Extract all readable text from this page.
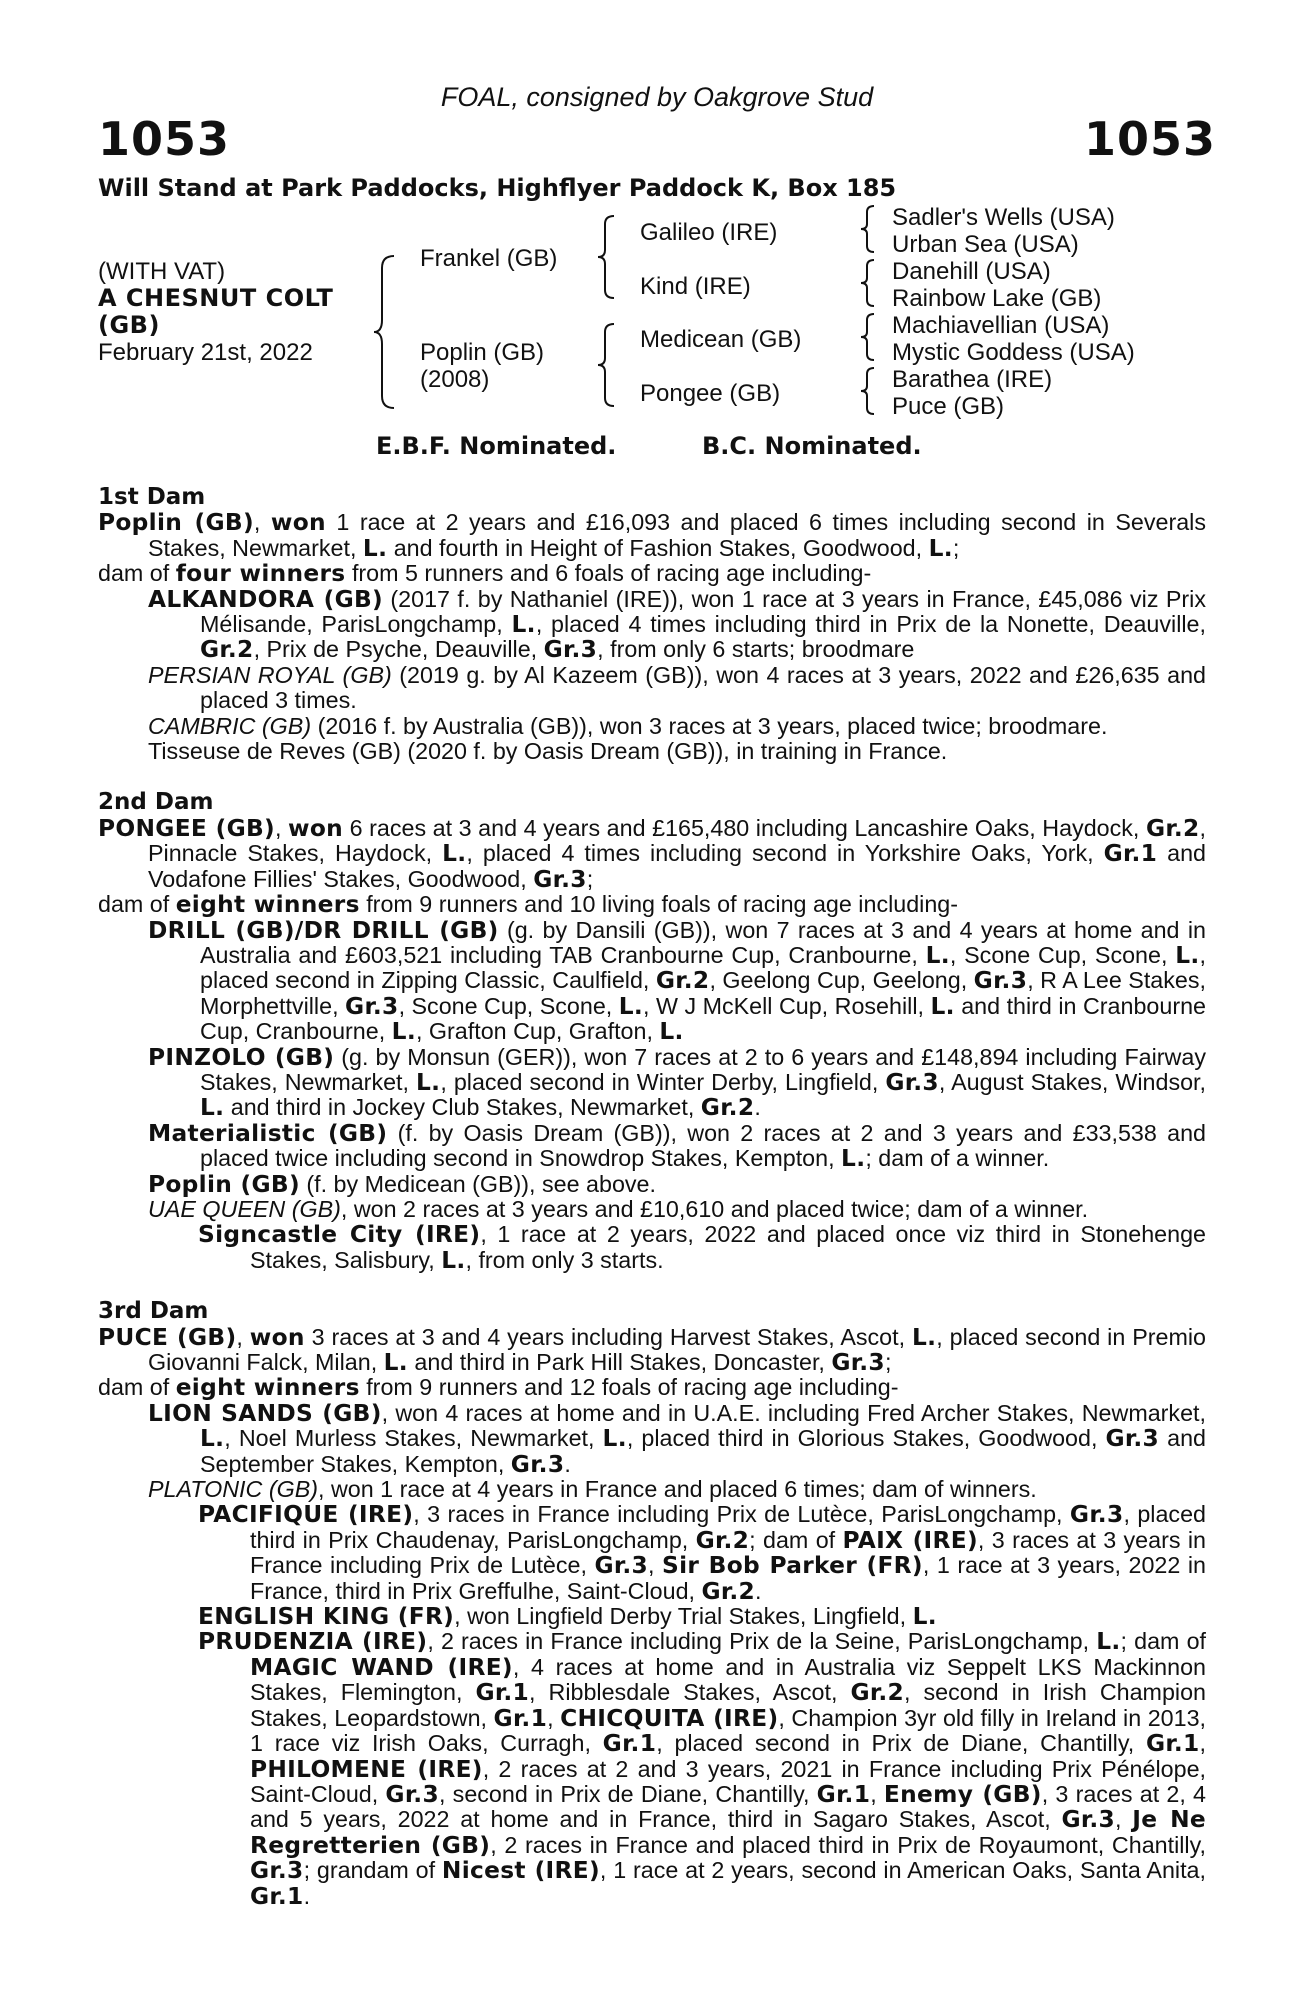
FOAL, consigned by Oakgrove Stud
1053	1053
Will Stand at Park Paddocks, Highflyer Paddock K, Box 185
(WITH VAT)
A CHESNUT COLT
(GB)
February 21st, 2022
Frankel (GB)
Poplin (GB)
(2008)
Galileo (IRE)
Kind (IRE)
Medicean (GB)
Pongee (GB)
Sadler's Wells (USA)
Urban Sea (USA)
Danehill (USA)
Rainbow Lake (GB)
Machiavellian (USA)
Mystic Goddess (USA)
Barathea (IRE)
Puce (GB)
E.B.F. Nominated.	B.C. Nominated.

1st Dam

Poplin (GB), won 1 race at 2 years and £16,093 and placed 6 times including second in Severals Stakes, Newmarket, L. and fourth in Height of Fashion Stakes, Goodwood, L.;

dam of four winners from 5 runners and 6 foals of racing age including-

ALKANDORA (GB) (2017 f. by Nathaniel (IRE)), won 1 race at 3 years in France, £45,086 viz Prix Mélisande, ParisLongchamp, L., placed 4 times including third in Prix de la Nonette, Deauville, Gr.2, Prix de Psyche, Deauville, Gr.3, from only 6 starts; broodmare

PERSIAN ROYAL (GB) (2019 g. by Al Kazeem (GB)), won 4 races at 3 years, 2022 and £26,635 and placed 3 times.

CAMBRIC (GB) (2016 f. by Australia (GB)), won 3 races at 3 years, placed twice; broodmare.

Tisseuse de Reves (GB) (2020 f. by Oasis Dream (GB)), in training in France.

2nd Dam

PONGEE (GB), won 6 races at 3 and 4 years and £165,480 including Lancashire Oaks, Haydock, Gr.2, Pinnacle Stakes, Haydock, L., placed 4 times including second in Yorkshire Oaks, York, Gr.1 and Vodafone Fillies' Stakes, Goodwood, Gr.3;

dam of eight winners from 9 runners and 10 living foals of racing age including-

DRILL (GB)/DR DRILL (GB) (g. by Dansili (GB)), won 7 races at 3 and 4 years at home and in Australia and £603,521 including TAB Cranbourne Cup, Cranbourne, L., Scone Cup, Scone, L., placed second in Zipping Classic, Caulfield, Gr.2, Geelong Cup, Geelong, Gr.3, R A Lee Stakes, Morphettville, Gr.3, Scone Cup, Scone, L., W J McKell Cup, Rosehill, L. and third in Cranbourne Cup, Cranbourne, L., Grafton Cup, Grafton, L.

PINZOLO (GB) (g. by Monsun (GER)), won 7 races at 2 to 6 years and £148,894 including Fairway Stakes, Newmarket, L., placed second in Winter Derby, Lingfield, Gr.3, August Stakes, Windsor, L. and third in Jockey Club Stakes, Newmarket, Gr.2.

Materialistic (GB) (f. by Oasis Dream (GB)), won 2 races at 2 and 3 years and £33,538 and placed twice including second in Snowdrop Stakes, Kempton, L.; dam of a winner.

Poplin (GB) (f. by Medicean (GB)), see above.

UAE QUEEN (GB), won 2 races at 3 years and £10,610 and placed twice; dam of a winner.

Signcastle City (IRE), 1 race at 2 years, 2022 and placed once viz third in Stonehenge Stakes, Salisbury, L., from only 3 starts.

3rd Dam

PUCE (GB), won 3 races at 3 and 4 years including Harvest Stakes, Ascot, L., placed second in Premio Giovanni Falck, Milan, L. and third in Park Hill Stakes, Doncaster, Gr.3;

dam of eight winners from 9 runners and 12 foals of racing age including-

LION SANDS (GB), won 4 races at home and in U.A.E. including Fred Archer Stakes, Newmarket, L., Noel Murless Stakes, Newmarket, L., placed third in Glorious Stakes, Goodwood, Gr.3 and September Stakes, Kempton, Gr.3.

PLATONIC (GB), won 1 race at 4 years in France and placed 6 times; dam of winners.

PACIFIQUE (IRE), 3 races in France including Prix de Lutèce, ParisLongchamp, Gr.3, placed third in Prix Chaudenay, ParisLongchamp, Gr.2; dam of PAIX (IRE), 3 races at 3 years in France including Prix de Lutèce, Gr.3, Sir Bob Parker (FR), 1 race at 3 years, 2022 in France, third in Prix Greffulhe, Saint-Cloud, Gr.2.

ENGLISH KING (FR), won Lingfield Derby Trial Stakes, Lingfield, L.

PRUDENZIA (IRE), 2 races in France including Prix de la Seine, ParisLongchamp, L.; dam of MAGIC WAND (IRE), 4 races at home and in Australia viz Seppelt LKS Mackinnon Stakes, Flemington, Gr.1, Ribblesdale Stakes, Ascot, Gr.2, second in Irish Champion Stakes, Leopardstown, Gr.1, CHICQUITA (IRE), Champion 3yr old filly in Ireland in 2013, 1 race viz Irish Oaks, Curragh, Gr.1, placed second in Prix de Diane, Chantilly, Gr.1, PHILOMENE (IRE), 2 races at 2 and 3 years, 2021 in France including Prix Pénélope, Saint-Cloud, Gr.3, second in Prix de Diane, Chantilly, Gr.1, Enemy (GB), 3 races at 2, 4 and 5 years, 2022 at home and in France, third in Sagaro Stakes, Ascot, Gr.3, Je Ne Regretterien (GB), 2 races in France and placed third in Prix de Royaumont, Chantilly, Gr.3; grandam of Nicest (IRE), 1 race at 2 years, second in American Oaks, Santa Anita, Gr.1.
